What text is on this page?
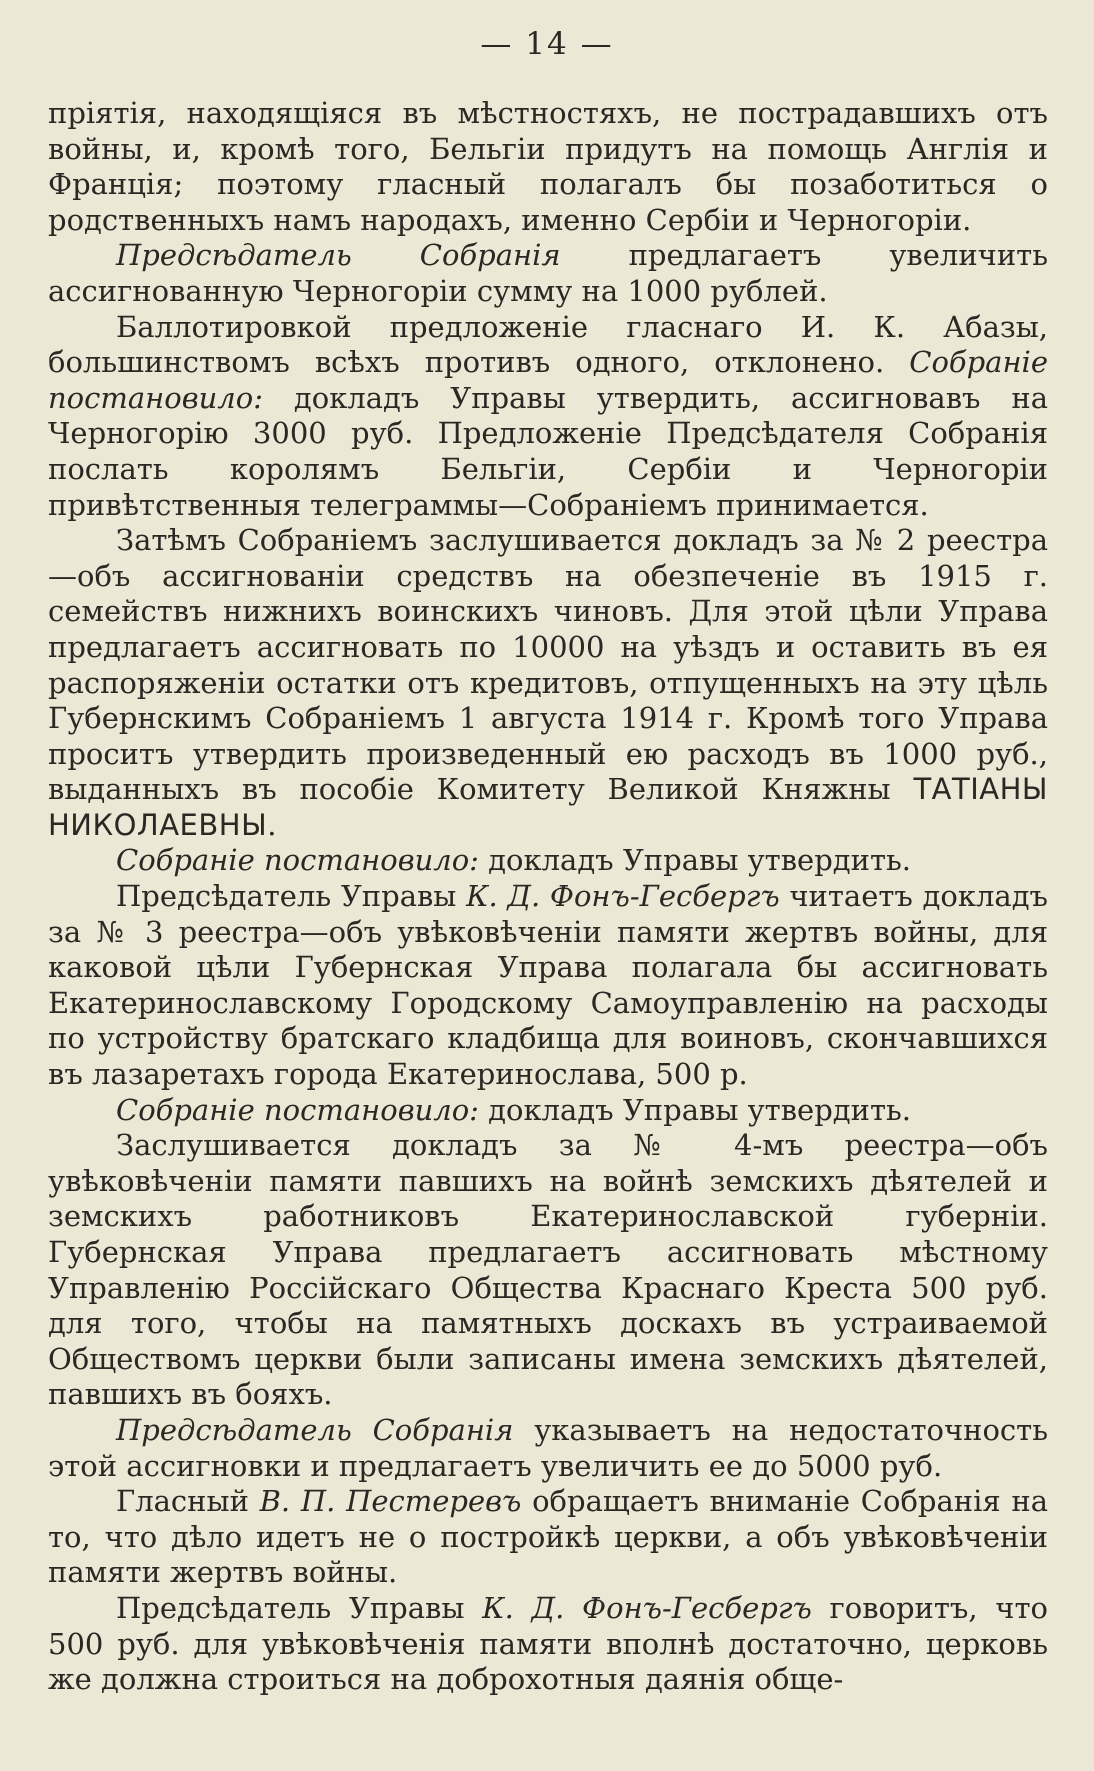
— 14 —

пріятія, находящіяся въ мѣстностяхъ, не пострадавшихъ отъ войны, и, кромѣ того, Бельгіи придутъ на помощь Англія и Франція; поэтому гласный полагалъ бы позаботиться о родственныхъ намъ народахъ, именно Сербіи и Черногоріи.

Предсѣдатель Собранія предлагаетъ увеличить ассигнованную Черногоріи сумму на 1000 рублей.

Баллотировкой предложеніе гласнаго И. К. Абазы, большинствомъ всѣхъ противъ одного, отклонено. Собраніе постановило: докладъ Управы утвердить, ассигновавъ на Черногорію 3000 руб. Предложеніе Предсѣдателя Собранія послать королямъ Бельгіи, Сербіи и Черногоріи привѣтственныя телеграммы—Собраніемъ принимается.

Затѣмъ Собраніемъ заслушивается докладъ за № 2 реестра—объ ассигнованіи средствъ на обезпеченіе въ 1915 г. семействъ нижнихъ воинскихъ чиновъ. Для этой цѣли Управа предлагаетъ ассигновать по 10000 на уѣздъ и оставить въ ея распоряженіи остатки отъ кредитовъ, отпущенныхъ на эту цѣль Губернскимъ Собраніемъ 1 августа 1914 г. Кромѣ того Управа проситъ утвердить произведенный ею расходъ въ 1000 руб., выданныхъ въ пособіе Комитету Великой Княжны ТАТІАНЫ НИКОЛАЕВНЫ.

Собраніе постановило: докладъ Управы утвердить.

Предсѣдатель Управы К. Д. Фонъ-Гесбергъ читаетъ докладъ за № 3 реестра—объ увѣковѣченіи памяти жертвъ войны, для каковой цѣли Губернская Управа полагала бы ассигновать Екатеринославскому Городскому Самоуправленію на расходы по устройству братскаго кладбища для воиновъ, скончавшихся въ лазаретахъ города Екатеринослава, 500 р.

Собраніе постановило: докладъ Управы утвердить.

Заслушивается докладъ за № 4-мъ реестра—объ увѣковѣченіи памяти павшихъ на войнѣ земскихъ дѣятелей и земскихъ работниковъ Екатеринославской губерніи. Губернская Управа предлагаетъ ассигновать мѣстному Управленію Россійскаго Общества Краснаго Креста 500 руб. для того, чтобы на памятныхъ доскахъ въ устраиваемой Обществомъ церкви были записаны имена земскихъ дѣятелей, павшихъ въ бояхъ.

Предсѣдатель Собранія указываетъ на недостаточность этой ассигновки и предлагаетъ увеличить ее до 5000 руб.

Гласный В. П. Пестеревъ обращаетъ вниманіе Собранія на то, что дѣло идетъ не о постройкѣ церкви, а объ увѣковѣченіи памяти жертвъ войны.

Предсѣдатель Управы К. Д. Фонъ-Гесбергъ говоритъ, что 500 руб. для увѣковѣченія памяти вполнѣ достаточно, церковь же должна строиться на доброхотныя даянія обще-
